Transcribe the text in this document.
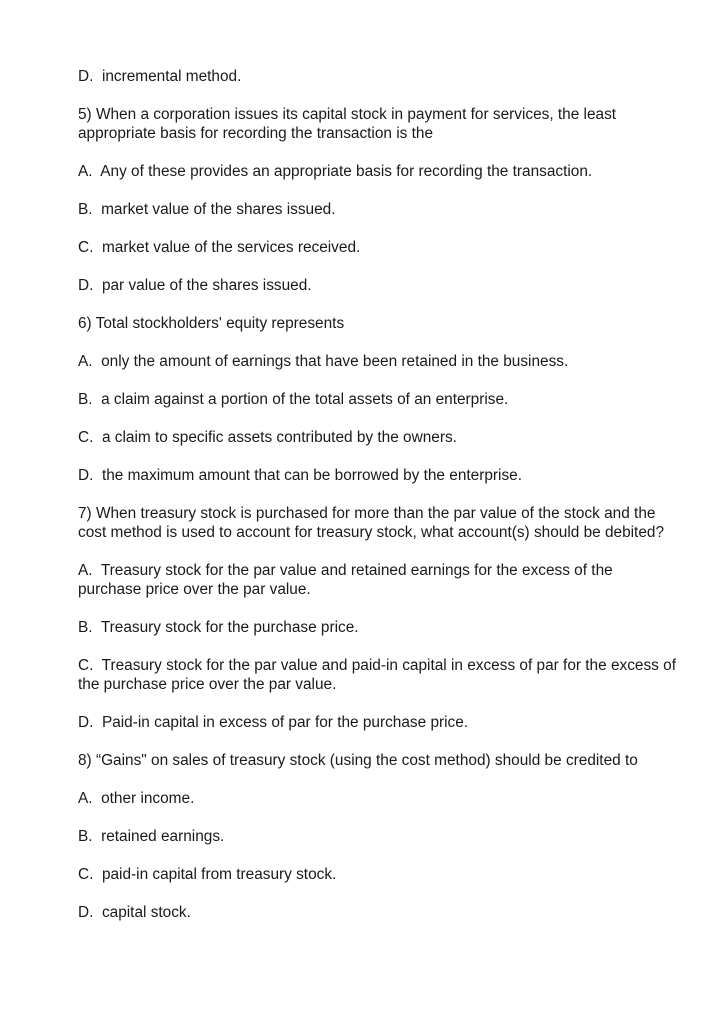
D.  incremental method.

5) When a corporation issues its capital stock in payment for services, the least appropriate basis for recording the transaction is the

A.  Any of these provides an appropriate basis for recording the transaction.

B.  market value of the shares issued.

C.  market value of the services received.

D.  par value of the shares issued.

6) Total stockholders' equity represents

A.  only the amount of earnings that have been retained in the business.

B.  a claim against a portion of the total assets of an enterprise.

C.  a claim to specific assets contributed by the owners.

D.  the maximum amount that can be borrowed by the enterprise.

7) When treasury stock is purchased for more than the par value of the stock and the cost method is used to account for treasury stock, what account(s) should be debited?

A.  Treasury stock for the par value and retained earnings for the excess of the purchase price over the par value.

B.  Treasury stock for the purchase price.

C.  Treasury stock for the par value and paid-in capital in excess of par for the excess of the purchase price over the par value.

D.  Paid-in capital in excess of par for the purchase price.

8) “Gains" on sales of treasury stock (using the cost method) should be credited to

A.  other income.

B.  retained earnings.

C.  paid-in capital from treasury stock.

D.  capital stock.
